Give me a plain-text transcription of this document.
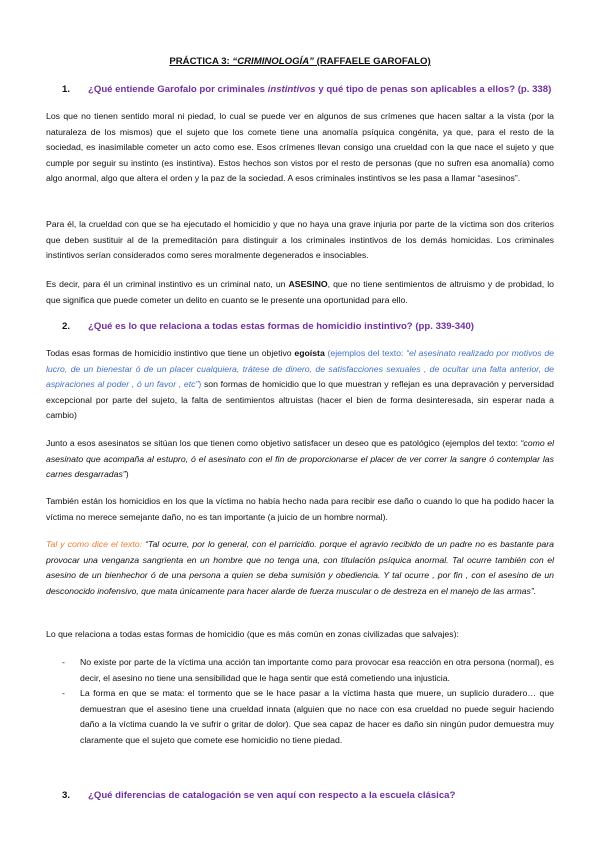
PRÁCTICA 3: “CRIMINOLOGÍA” (RAFFAELE GAROFALO)
1. ¿Qué entiende Garofalo por criminales instintivos y qué tipo de penas son aplicables a ellos? (p. 338)
Los que no tienen sentido moral ni piedad, lo cual se puede ver en algunos de sus crímenes que hacen saltar a la vista (por la naturaleza de los mismos) que el sujeto que los comete tiene una anomalía psíquica congénita, ya que, para el resto de la sociedad, es inasimilable cometer un acto como ese. Esos crímenes llevan consigo una crueldad con la que nace el sujeto y que cumple por seguir su instinto (es instintiva). Estos hechos son vistos por el resto de personas (que no sufren esa anomalía) como algo anormal, algo que altera el orden y la paz de la sociedad. A esos criminales instintivos se les pasa a llamar “asesinos”.
Para él, la crueldad con que se ha ejecutado el homicidio y que no haya una grave injuria por parte de la víctima son dos criterios que deben sustituir al de la premeditación para distinguir a los criminales instintivos de los demás homicidas. Los criminales instintivos serían considerados como seres moralmente degenerados e insociables.
Es decir, para él un criminal instintivo es un criminal nato, un ASESINO, que no tiene sentimientos de altruismo y de probidad, lo que significa que puede cometer un delito en cuanto se le presente una oportunidad para ello.
2. ¿Qué es lo que relaciona a todas estas formas de homicidio instintivo? (pp. 339-340)
Todas esas formas de homicidio instintivo que tiene un objetivo egoísta (ejemplos del texto: “el asesinato realizado por motivos de lucro, de un bienestar ó de un placer cualquiera, trátese de dinero, de satisfacciones sexuales , de ocultar una falta anterior, de aspiraciones al poder , ó un favor , etc”) son formas de homicidio que lo que muestran y reflejan es una depravación y perversidad excepcional por parte del sujeto, la falta de sentimientos altruistas (hacer el bien de forma desinteresada, sin esperar nada a cambio)
Junto a esos asesinatos se sitúan los que tienen como objetivo satisfacer un deseo que es patológico (ejemplos del texto: “como el asesinato que acompaña al estupro, ó el asesinato con el fin de proporcionarse el placer de ver correr la sangre ó contemplar las carnes desgarradas”)
También están los homicidios en los que la víctima no había hecho nada para recibir ese daño o cuando lo que ha podido hacer la víctima no merece semejante daño, no es tan importante (a juicio de un hombre normal).
Tal y como dice el texto: “Tal ocurre, por lo general, con el parricidio. porque el agravio recibido de un padre no es bastante para provocar una venganza sangrienta en un hombre que no tenga una, con titulación psíquica anormal. Tal ocurre también con el asesino de un bienhechor ó de una persona a quien se deba sumisión y obediencia. Y tal ocurre , por fin , con el asesino de un desconocido inofensivo, que mata únicamente para hacer alarde de fuerza muscular o de destreza en el manejo de las armas”.
Lo que relaciona a todas estas formas de homicidio (que es más común en zonas civilizadas que salvajes):
- No existe por parte de la víctima una acción tan importante como para provocar esa reacción en otra persona (normal), es decir, el asesino no tiene una sensibilidad que le haga sentir que está cometiendo una injusticia.
- La forma en que se mata: el tormento que se le hace pasar a la víctima hasta que muere, un suplicio duradero… que demuestran que el asesino tiene una crueldad innata (alguien que no nace con esa crueldad no puede seguir haciendo daño a la víctima cuando la ve sufrir o gritar de dolor). Que sea capaz de hacer es daño sin ningún pudor demuestra muy claramente que el sujeto que comete ese homicidio no tiene piedad.
3. ¿Qué diferencias de catalogación se ven aquí con respecto a la escuela clásica?
